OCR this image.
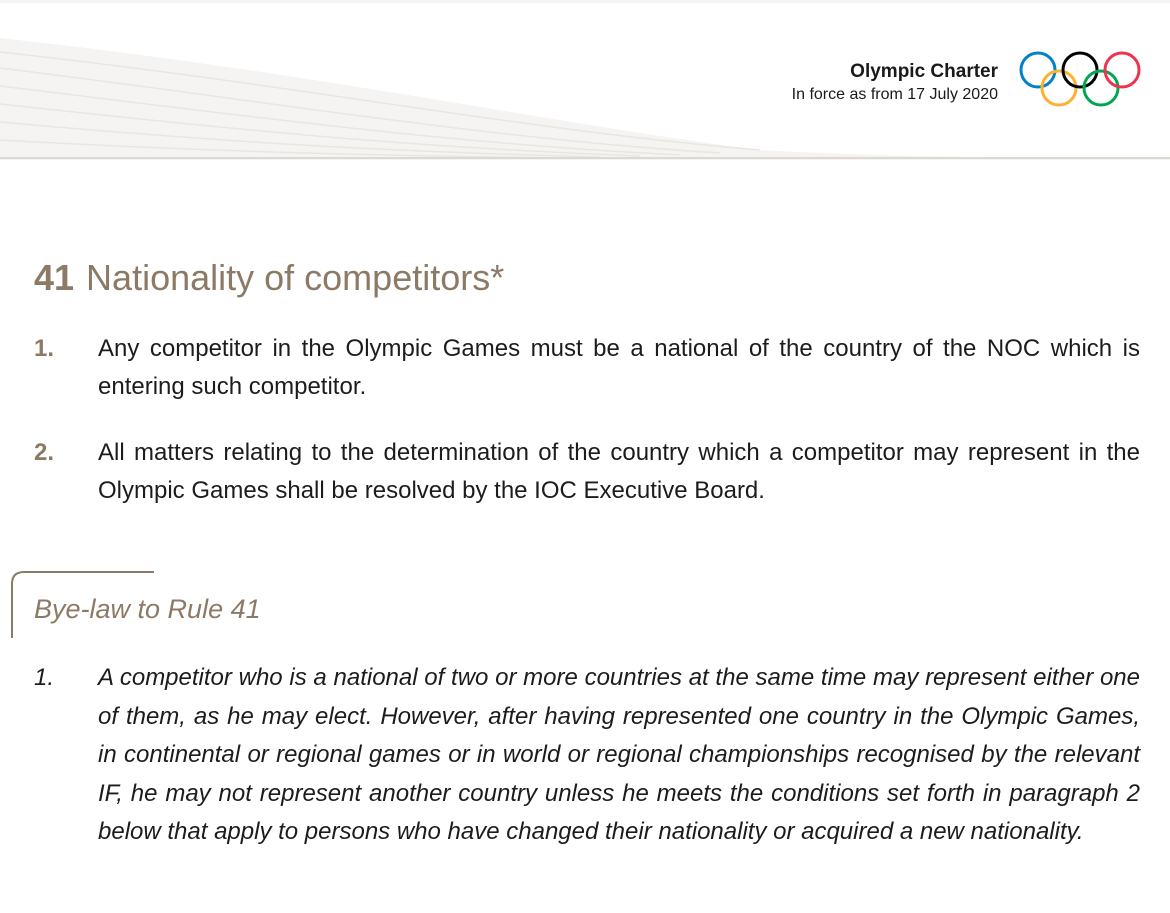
Olympic Charter
In force as from 17 July 2020
41 Nationality of competitors*
1. Any competitor in the Olympic Games must be a national of the country of the NOC which is entering such competitor.
2. All matters relating to the determination of the country which a competitor may represent in the Olympic Games shall be resolved by the IOC Executive Board.
Bye-law to Rule 41
1. A competitor who is a national of two or more countries at the same time may represent either one of them, as he may elect. However, after having represented one country in the Olympic Games, in continental or regional games or in world or regional championships recognised by the relevant IF, he may not represent another country unless he meets the conditions set forth in paragraph 2 below that apply to persons who have changed their nationality or acquired a new nationality.
